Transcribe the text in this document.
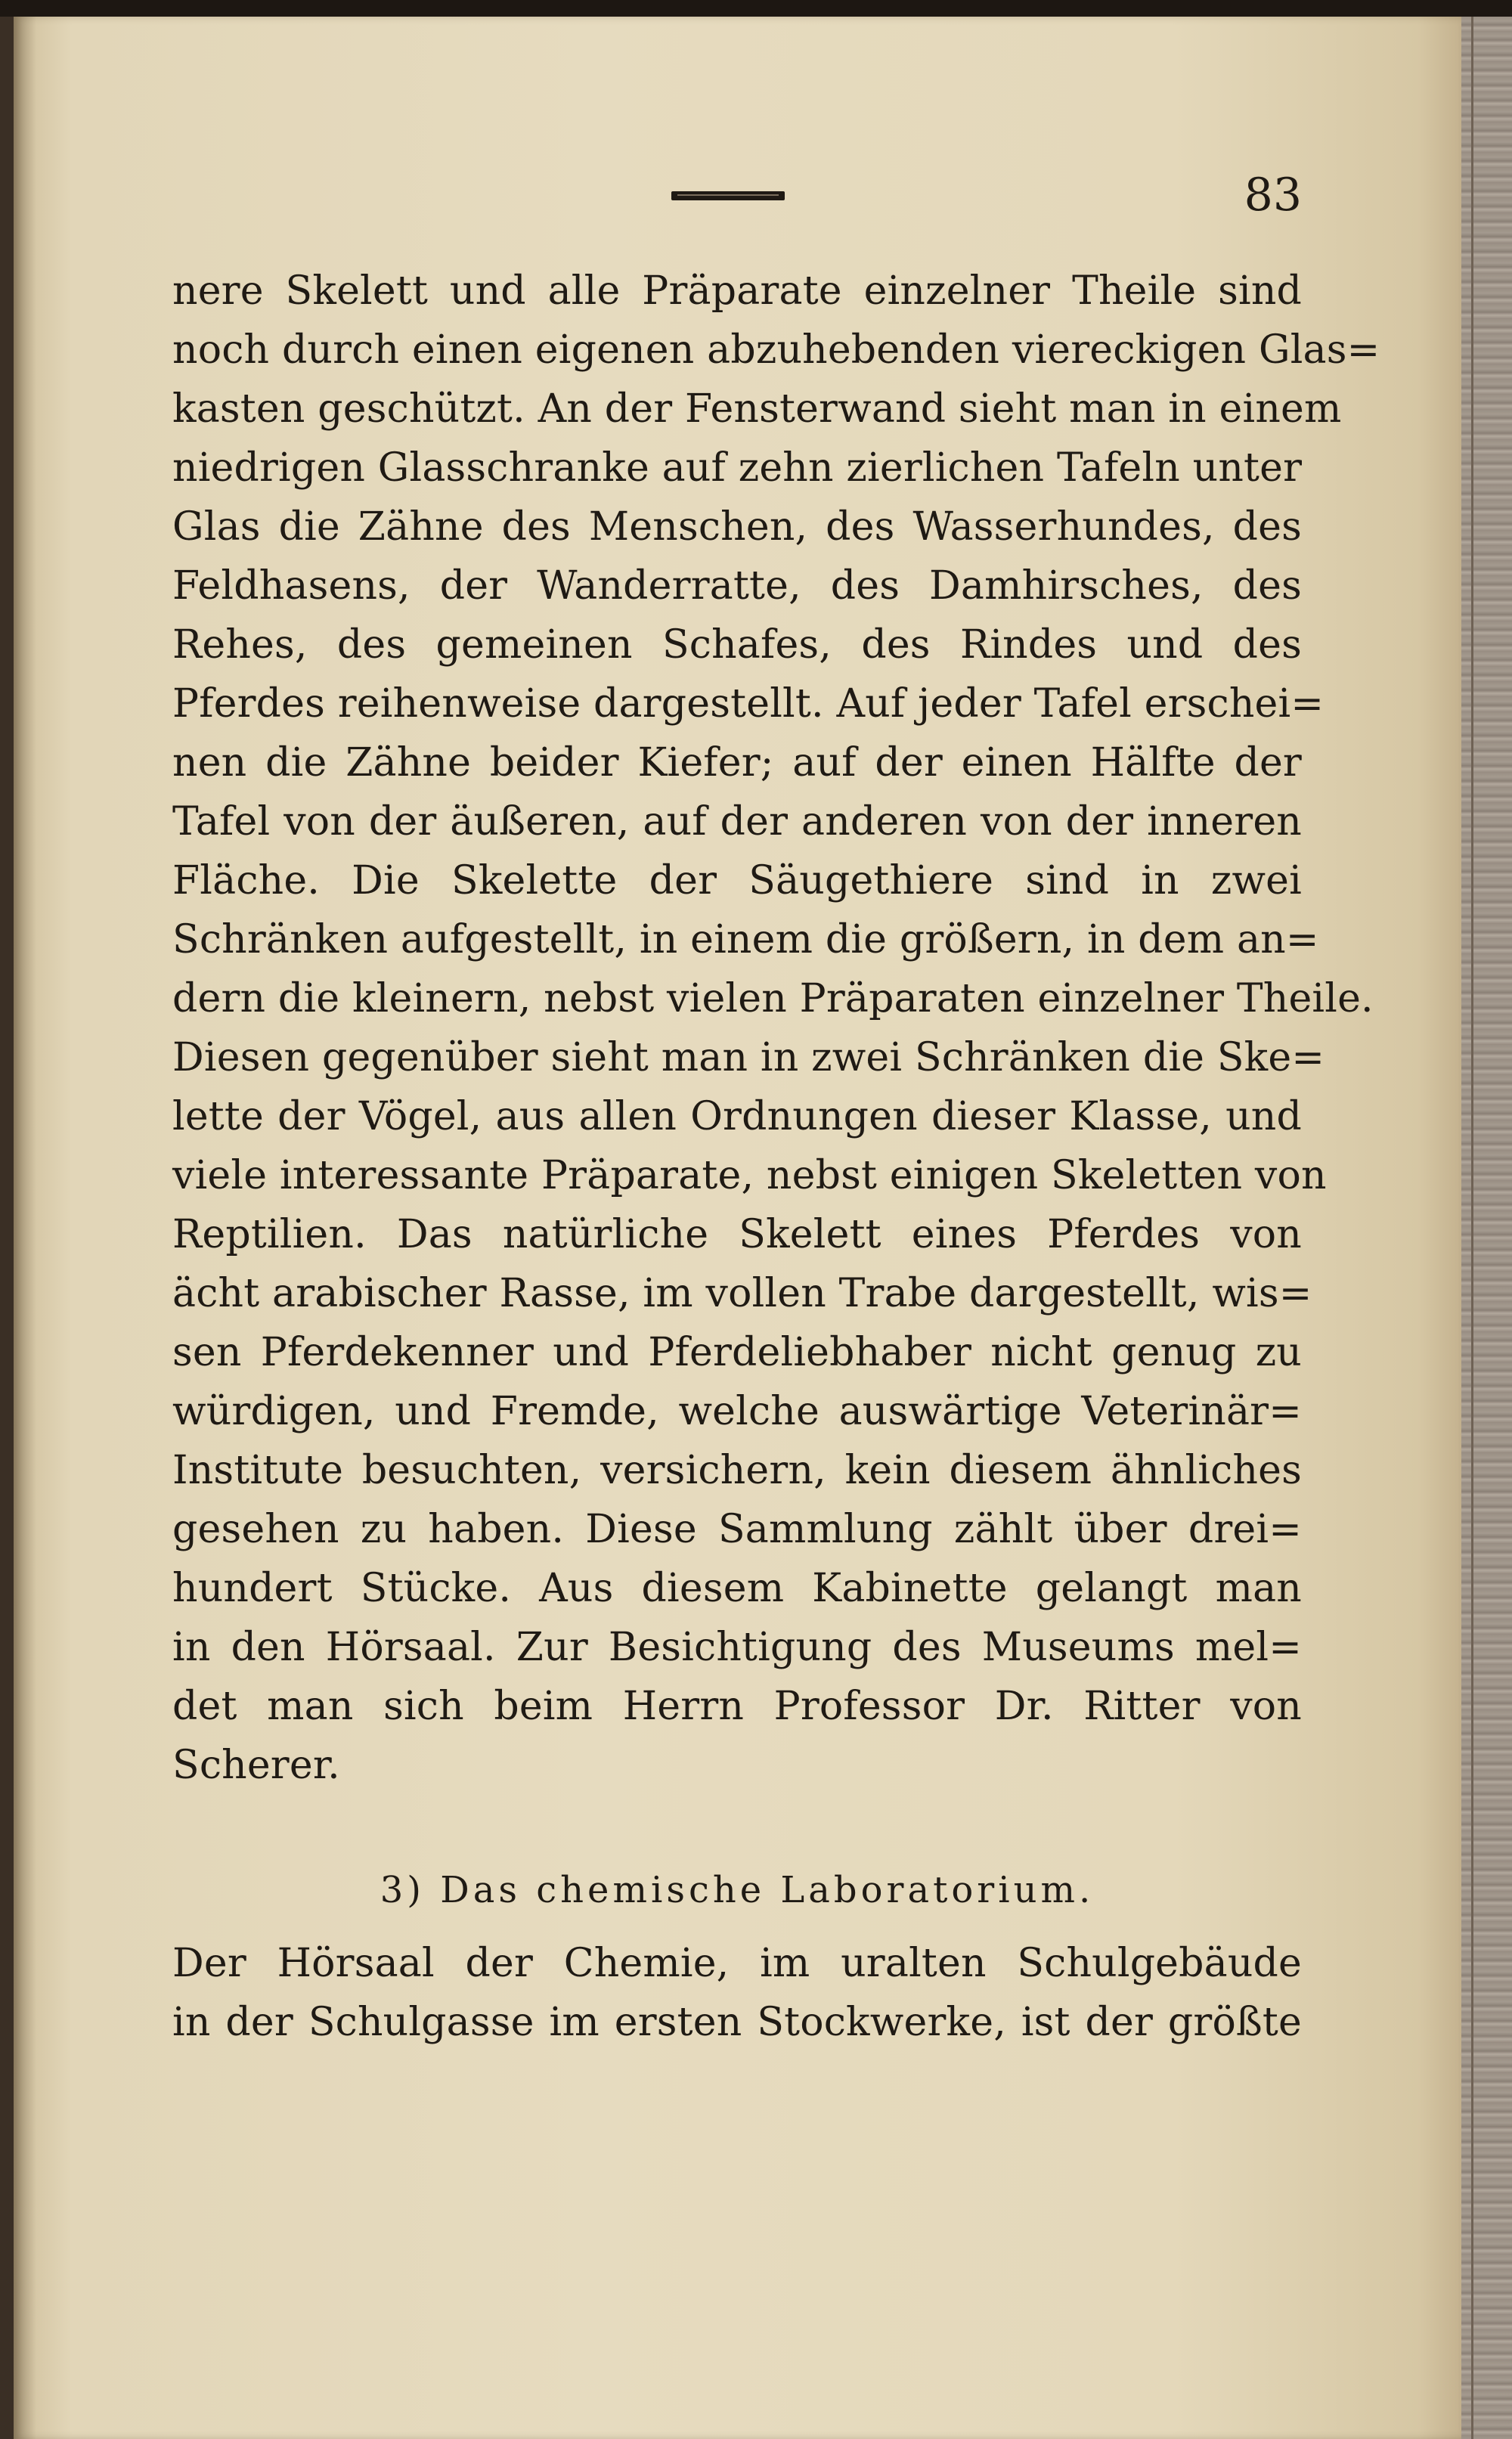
83
nere Skelett und alle Präparate einzelner Theile sind
noch durch einen eigenen abzuhebenden viereckigen Glas=
kasten geschützt. An der Fensterwand sieht man in einem
niedrigen Glasschranke auf zehn zierlichen Tafeln unter
Glas die Zähne des Menschen, des Wasserhundes, des
Feldhasens, der Wanderratte, des Damhirsches, des
Rehes, des gemeinen Schafes, des Rindes und des
Pferdes reihenweise dargestellt. Auf jeder Tafel erschei=
nen die Zähne beider Kiefer; auf der einen Hälfte der
Tafel von der äußeren, auf der anderen von der inneren
Fläche. Die Skelette der Säugethiere sind in zwei
Schränken aufgestellt, in einem die größern, in dem an=
dern die kleinern, nebst vielen Präparaten einzelner Theile.
Diesen gegenüber sieht man in zwei Schränken die Ske=
lette der Vögel, aus allen Ordnungen dieser Klasse, und
viele interessante Präparate, nebst einigen Skeletten von
Reptilien. Das natürliche Skelett eines Pferdes von
ächt arabischer Rasse, im vollen Trabe dargestellt, wis=
sen Pferdekenner und Pferdeliebhaber nicht genug zu
würdigen, und Fremde, welche auswärtige Veterinär=
Institute besuchten, versichern, kein diesem ähnliches
gesehen zu haben. Diese Sammlung zählt über drei=
hundert Stücke. Aus diesem Kabinette gelangt man
in den Hörsaal. Zur Besichtigung des Museums mel=
det man sich beim Herrn Professor Dr. Ritter von
Scherer.
3) Das chemische Laboratorium.
Der Hörsaal der Chemie, im uralten Schulgebäude
in der Schulgasse im ersten Stockwerke, ist der größte
